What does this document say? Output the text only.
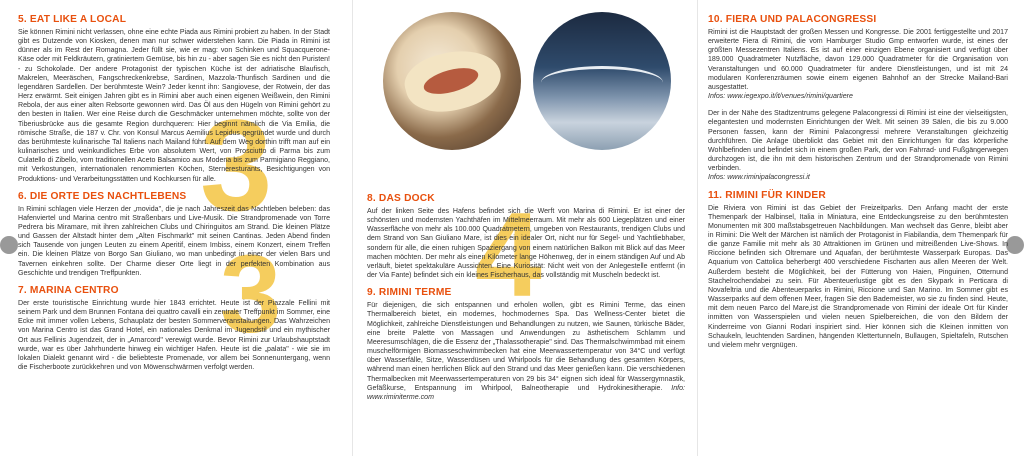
3
3 4
5. EAT LIKE A LOCAL

Sie können Rimini nicht verlassen, ohne eine echte Piada aus Rimini probiert zu haben. In der Stadt gibt es Dutzende von Kiosken, denen man nur schwer widerstehen kann. Die Piada in Rimini ist dünner als im Rest der Romagna. Jeder füllt sie, wie er mag: von Schinken und Squacquerone-Käse oder mit Feldkräutern, gratiniertem Gemüse, bis hin zu - aber sagen Sie es nicht den Puristen! - zu Schokolade. Der andere Protagonist der typischen Küche ist der adriatische Blaufisch, Makrelen, Meeräschen, Fangschreckenkrebse, Sardinen, Mazzola-Thunfisch Sardinen und die legendären Sardellen. Der berühmteste Wein? Jeder kennt ihn: Sangiovese, der Rotwein, der das Herz erwärmt. Seit einigen Jahren gibt es in Rimini aber auch einen eigenen Weißwein, den Rimini Rebola, der aus einer alten Rebsorte gewonnen wird. Das Öl aus den Hügeln von Rimini gehört zu den besten in Italien. Wer eine Reise durch die Geschmäcker unternehmen möchte, sollte von der Tiberiusbrücke aus die gesamte Region durchqueren: Hier beginnt nämlich die Via Emilia, die römische Straße, die 187 v. Chr. von Konsul Marcus Aemilius Lepidus gegründet wurde und durch das berühmteste kulinarische Tal Italiens nach Mailand führt. Auf dem Weg dorthin trifft man auf ein kulinarisches und weinkundliches Erbe von absolutem Wert, von Prosciutto di Parma bis zum Culatello di Zibello, vom traditionellen Aceto Balsamico aus Modena bis zum Parmigiano Reggiano, mit Verkostungen, internationalen renommierten Köchen, Sterneresturants, Besichtigungen von Produktions- und Verarbeitungsstätten und Kochkursen für alle.

6. DIE ORTE DES NACHTLEBENS

In Rimini schlagen viele Herzen der „movida", die je nach Jahreszeit das Nachtleben beleben: das Hafenviertel und Marina centro mit Straßenbars und Live-Musik. Die Strandpromenade von Torre Pedrera bis Miramare, mit ihren zahlreichen Clubs und Chiringuitos am Strand. Die kleinen Plätze und Gassen der Altstadt hinter dem „Alten Fischmarkt" mit seinen Cantinas. Jeden Abend finden sich Tausende von jungen Leuten zu einem Aperitif, einem Imbiss, einem Konzert, einem Treffen ein. Die kleinen Plätze von Borgo San Giuliano, wo man unbedingt in einer der vielen Bars und Tavernen einkehren sollte. Der Charme dieser Orte liegt in der perfekten Kombination aus Geschichte und trendigen Treffpunkten.

7. MARINA CENTRO

Der erste touristische Einrichtung wurde hier 1843 errichtet. Heute ist der Piazzale Fellini mit seinem Park und dem Brunnen Fontana dei quattro cavalli ein zentraler Treffpunkt im Sommer, eine Ecke mit immer vollen Lebens, Schauplatz der besten Sommerveranstaltungen. Das Wahrzeichen von Marina Centro ist das Grand Hotel, ein nationales Denkmal im Jugendstil und ein mythischer Ort aus Fellinis Jugendzeit, der in „Amarcord" verewigt wurde. Bevor Rimini zur Urlaubshauptstadt wurde, war es über Jahrhunderte hinweg ein wichtiger Hafen. Heute ist die „palata" - wie sie im lokalen Dialekt genannt wird - die beliebteste Promenade, vor allem bei Sonnenuntergang, wenn die Fischerboote zurückkehren und von Möwenschwärmen verfolgt werden.

8. DAS DOCK

Auf der linken Seite des Hafens befindet sich die Werft von Marina di Rimini. Er ist einer der schönsten und modernsten Yachthäfen im Mittelmeerraum. Mit mehr als 600 Liegeplätzen und einer Wasserfläche von mehr als 100.000 Quadratmetern, umgeben von Restaurants, trendigen Clubs und dem Strand von San Giuliano Mare, ist dies ein idealer Ort, nicht nur für Segel- und Yachtliebhaber, sondern für alle, die einen ruhigen Spaziergang von einem natürlichen Balkon mit Blick auf das Meer machen möchten. Der mehr als einen Kilometer lange Höhenweg, der in einem ständigen Auf und Ab verläuft, bietet spektakuläre Aussichten. Eine Kuriosität: Nicht weit von der Anlegestelle entfernt (in der Via Fante) befindet sich ein kleines Fischerhaus, das vollständig mit Muscheln bedeckt ist.

9. RIMINI TERME

Für diejenigen, die sich entspannen und erholen wollen, gibt es Rimini Terme, das einen Thermalbereich bietet, ein modernes, hochmodernes Spa. Das Wellness-Center bietet die Möglichkeit, zahlreiche Dienstleistungen und Behandlungen zu nutzen, wie Saunen, türkische Bäder, eine breite Palette von Massagen und Anwendungen zu ästhetischem Schlamm und Meeresumschlägen, die die Essenz der „Thalassotherapie" sind. Das Thermalschwimmbad mit einem muschelförmigen Biomasseschwimmbecken hat eine Meerwassertemperatur von 34°C und verfügt über Wasserfälle, Sitze, Wasserdüsen und Whirlpools für die Behandlung des gesamten Körpers, während man einen herrlichen Blick auf den Strand und das Meer genießen kann. Die verschiedenen Thermalbecken mit Meerwassertemperaturen von 29 bis 34° eignen sich ideal für Wassergymnastik, Gefäßkurse, Entspannung im Whirlpool, Balneotherapie und Hydrokinesitherapie. Info: www.riminiterme.com

10. FIERA UND PALACONGRESSI

Rimini ist die Hauptstadt der großen Messen und Kongresse. Die 2001 fertiggestellte und 2017 erweiterte Fiera di Rimini, die vom Hamburger Studio Gmp entworfen wurde, ist eines der größten Messezentren Italiens. Es ist auf einer einzigen Ebene organisiert und verfügt über 189.000 Quadratmeter Nutzfläche, davon 129.000 Quadratmeter für die Organisation von Veranstaltungen und 60.000 Quadratmeter für andere Dienstleistungen, und ist mit 24 modularen Konferenzräumen sowie einem eigenen Bahnhof an der Strecke Mailand-Bari ausgestattet.

Infos: www.iegexpo.it/it/venues/rimini/quartiere

Der in der Nähe des Stadtzentrums gelegene Palacongressi di Rimini ist eine der vielseitigsten, elegantesten und modernsten Einrichtungen der Welt. Mit seinen 39 Sälen, die bis zu 9.000 Personen fassen, kann der Rimini Palacongressi mehrere Veranstaltungen gleichzeitig durchführen. Die Anlage überblickt das Gebiet mit den Einrichtungen für das körperliche Wohlbefinden und befindet sich in einem großen Park, der von Fahrrad- und Fußgängerwegen durchzogen ist, die ihn mit dem historischen Zentrum und der Strandpromenade von Rimini verbinden.

Infos: www.riminipalacongressi.it

11. RIMINI FÜR KINDER

Die Riviera von Rimini ist das Gebiet der Freizeitparks. Den Anfang macht der erste Themenpark der Halbinsel, Italia in Miniatura, eine Entdeckungsreise zu den berühmtesten Monumenten mit 300 maßstabsgetreuen Nachbildungen. Man wechselt das Genre, bleibt aber in Rimini: Die Welt der Märchen ist nämlich der Protagonist in Fiabilandia, dem Themenpark für die ganze Familie mit mehr als 30 Attraktionen im Grünen und mitreißenden Live-Shows. In Riccione befinden sich Oltremare und Aquafan, der berühmteste Wasserpark Europas. Das Aquarium von Cattolica beherbergt 400 verschiedene Fischarten aus allen Meeren der Welt. Außerdem besteht die Möglichkeit, bei der Fütterung von Haien, Pinguinen, Otternund Stachelrochendabei zu sein. Für Abenteuerlustige gibt es den Skypark in Perticara di Novafeltria und die Abenteuerparks in Rimini, Riccione und San Marino. Im Sommer gibt es Wasserparks auf dem offenen Meer, fragen Sie den Bademeister, wo sie zu finden sind. Heute, mit dem neuen Parco del Mare,ist die Strandpromenade von Rimini der ideale Ort für Kinder inmitten von Wasserspielen und vielen neuen Spielbereichen, die von den Bildern der Kinderreime von Gianni Rodari inspiriert sind. Hier können sich die Kleinen inmitten von Schaukeln, leuchtenden Sardinen, hängenden Klettertunneln, Bullaugen, Spieltafeln, Rutschen und vielem mehr vergnügen.
